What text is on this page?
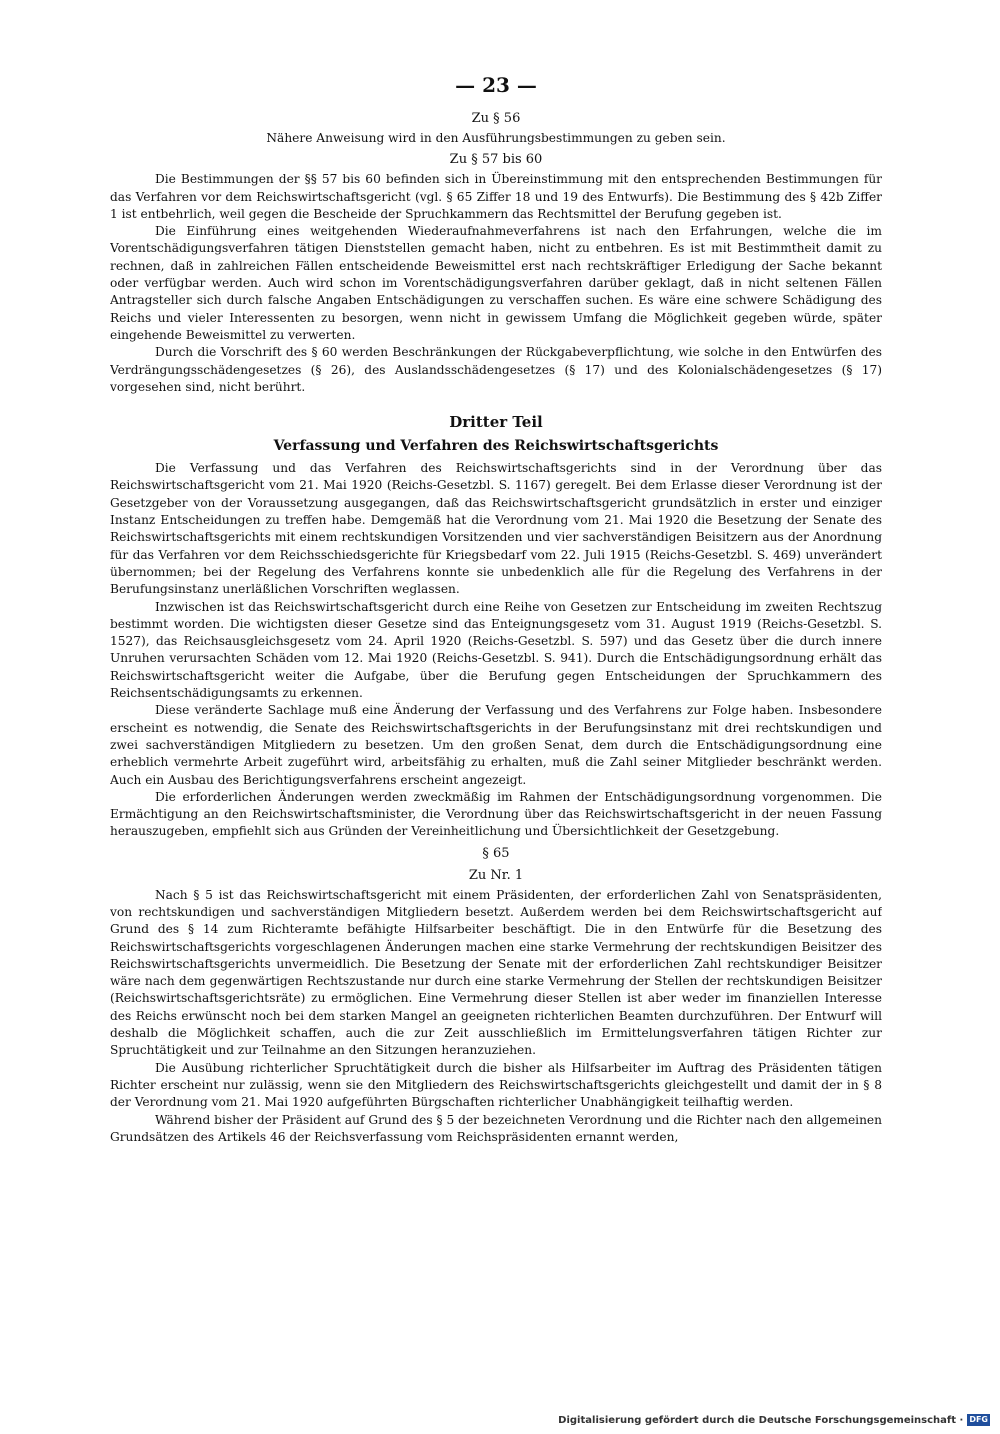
— 23 —
Zu § 56

Nähere Anweisung wird in den Ausführungsbestimmungen zu geben sein.

Zu § 57 bis 60

Die Bestimmungen der §§ 57 bis 60 befinden sich in Übereinstimmung mit den entsprechenden Bestimmungen für das Verfahren vor dem Reichswirtschaftsgericht (vgl. § 65 Ziffer 18 und 19 des Entwurfs). Die Bestimmung des § 42b Ziffer 1 ist entbehrlich, weil gegen die Bescheide der Spruchkammern das Rechtsmittel der Berufung gegeben ist.

Die Einführung eines weitgehenden Wiederaufnahmeverfahrens ist nach den Erfahrungen, welche die im Vorentschädigungsverfahren tätigen Dienststellen gemacht haben, nicht zu entbehren. Es ist mit Bestimmtheit damit zu rechnen, daß in zahlreichen Fällen entscheidende Beweismittel erst nach rechtskräftiger Erledigung der Sache bekannt oder verfügbar werden. Auch wird schon im Vorentschädigungsverfahren darüber geklagt, daß in nicht seltenen Fällen Antragsteller sich durch falsche Angaben Entschädigungen zu verschaffen suchen. Es wäre eine schwere Schädigung des Reichs und vieler Interessenten zu besorgen, wenn nicht in gewissem Umfang die Möglichkeit gegeben würde, später eingehende Beweismittel zu verwerten.

Durch die Vorschrift des § 60 werden Beschränkungen der Rückgabeverpflichtung, wie solche in den Entwürfen des Verdrängungsschädengesetzes (§ 26), des Auslandsschädengesetzes (§ 17) und des Kolonialschädengesetzes (§ 17) vorgesehen sind, nicht berührt.

Dritter Teil
Verfassung und Verfahren des Reichswirtschaftsgerichts

Die Verfassung und das Verfahren des Reichswirtschaftsgerichts sind in der Verordnung über das Reichswirtschaftsgericht vom 21. Mai 1920 (Reichs-Gesetzbl. S. 1167) geregelt. Bei dem Erlasse dieser Verordnung ist der Gesetzgeber von der Voraussetzung ausgegangen, daß das Reichswirtschaftsgericht grundsätzlich in erster und einziger Instanz Entscheidungen zu treffen habe. Demgemäß hat die Verordnung vom 21. Mai 1920 die Besetzung der Senate des Reichswirtschaftsgerichts mit einem rechtskundigen Vorsitzenden und vier sachverständigen Beisitzern aus der Anordnung für das Verfahren vor dem Reichsschiedsgerichte für Kriegsbedarf vom 22. Juli 1915 (Reichs-Gesetzbl. S. 469) unverändert übernommen; bei der Regelung des Verfahrens konnte sie unbedenklich alle für die Regelung des Verfahrens in der Berufungsinstanz unerläßlichen Vorschriften weglassen.

Inzwischen ist das Reichswirtschaftsgericht durch eine Reihe von Gesetzen zur Entscheidung im zweiten Rechtszug bestimmt worden. Die wichtigsten dieser Gesetze sind das Enteignungsgesetz vom 31. August 1919 (Reichs-Gesetzbl. S. 1527), das Reichsausgleichsgesetz vom 24. April 1920 (Reichs-Gesetzbl. S. 597) und das Gesetz über die durch innere Unruhen verursachten Schäden vom 12. Mai 1920 (Reichs-Gesetzbl. S. 941). Durch die Entschädigungsordnung erhält das Reichswirtschaftsgericht weiter die Aufgabe, über die Berufung gegen Entscheidungen der Spruchkammern des Reichsentschädigungsamts zu erkennen.

Diese veränderte Sachlage muß eine Änderung der Verfassung und des Verfahrens zur Folge haben. Insbesondere erscheint es notwendig, die Senate des Reichswirtschaftsgerichts in der Berufungsinstanz mit drei rechtskundigen und zwei sachverständigen Mitgliedern zu besetzen. Um den großen Senat, dem durch die Entschädigungsordnung eine erheblich vermehrte Arbeit zugeführt wird, arbeitsfähig zu erhalten, muß die Zahl seiner Mitglieder beschränkt werden. Auch ein Ausbau des Berichtigungsverfahrens erscheint angezeigt.

Die erforderlichen Änderungen werden zweckmäßig im Rahmen der Entschädigungsordnung vorgenommen. Die Ermächtigung an den Reichswirtschaftsminister, die Verordnung über das Reichswirtschaftsgericht in der neuen Fassung herauszugeben, empfiehlt sich aus Gründen der Vereinheitlichung und Übersichtlichkeit der Gesetzgebung.

§ 65
Zu Nr. 1

Nach § 5 ist das Reichswirtschaftsgericht mit einem Präsidenten, der erforderlichen Zahl von Senatspräsidenten, von rechtskundigen und sachverständigen Mitgliedern besetzt. Außerdem werden bei dem Reichswirtschaftsgericht auf Grund des § 14 zum Richteramte befähigte Hilfsarbeiter beschäftigt. Die in den Entwürfe für die Besetzung des Reichswirtschaftsgerichts vorgeschlagenen Änderungen machen eine starke Vermehrung der rechtskundigen Beisitzer des Reichswirtschaftsgerichts unvermeidlich. Die Besetzung der Senate mit der erforderlichen Zahl rechtskundiger Beisitzer wäre nach dem gegenwärtigen Rechtszustande nur durch eine starke Vermehrung der Stellen der rechtskundigen Beisitzer (Reichswirtschaftsgerichtsräte) zu ermöglichen. Eine Vermehrung dieser Stellen ist aber weder im finanziellen Interesse des Reichs erwünscht noch bei dem starken Mangel an geeigneten richterlichen Beamten durchzuführen. Der Entwurf will deshalb die Möglichkeit schaffen, auch die zur Zeit ausschließlich im Ermittelungsverfahren tätigen Richter zur Spruchtätigkeit und zur Teilnahme an den Sitzungen heranzuziehen.

Die Ausübung richterlicher Spruchtätigkeit durch die bisher als Hilfsarbeiter im Auftrag des Präsidenten tätigen Richter erscheint nur zulässig, wenn sie den Mitgliedern des Reichswirtschaftsgerichts gleichgestellt und damit der in § 8 der Verordnung vom 21. Mai 1920 aufgeführten Bürgschaften richterlicher Unabhängigkeit teilhaftig werden.

Während bisher der Präsident auf Grund des § 5 der bezeichneten Verordnung und die Richter nach den allgemeinen Grundsätzen des Artikels 46 der Reichsverfassung vom Reichspräsidenten ernannt werden,

Digitalisierung gefördert durch die Deutsche Forschungsgemeinschaft · DFG
